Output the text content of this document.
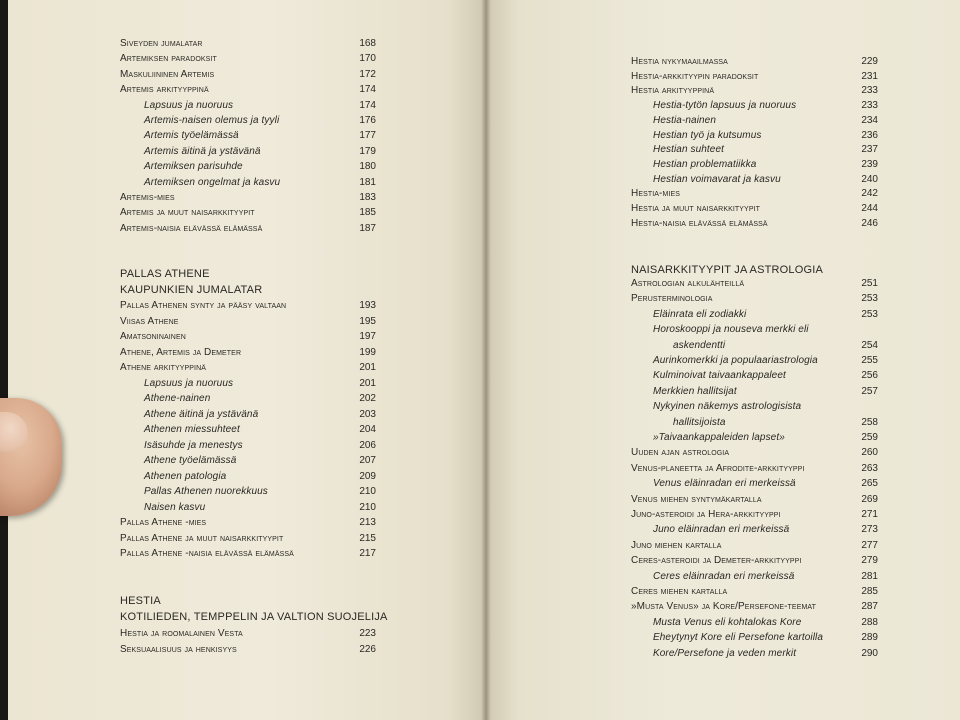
Siveyden jumalatar	168
Artemiksen paradoksit	170
Maskuliininen Artemis	172
Artemis arkityyppinä	174
Lapsuus ja nuoruus	174
Artemis-naisen olemus ja tyyli	176
Artemis työelämässä	177
Artemis äitinä ja ystävänä	179
Artemiksen parisuhde	180
Artemiksen ongelmat ja kasvu	181
Artemis-mies	183
Artemis ja muut naisarkkityypit	185
Artemis-naisia elävässä elämässä	187
Pallas Athenen synty ja pääsy valtaan	193
Viisas Athene	195
Amatsoninainen	197
Athene, Artemis ja Demeter	199
Athene arkityyppinä	201
Lapsuus ja nuoruus	201
Athene-nainen	202
Athene äitinä ja ystävänä	203
Athenen miessuhteet	204
Isäsuhde ja menestys	206
Athene työelämässä	207
Athenen patologia	209
Pallas Athenen nuorekkuus	210
Naisen kasvu	210
Pallas Athene -mies	213
Pallas Athene ja muut naisarkkityypit	215
Pallas Athene -naisia elävässä elämässä	217
Hestia ja roomalainen Vesta	223
Seksuaalisuus ja henkisyys	226
PALLAS ATHENE
KAUPUNKIEN JUMALATAR
HESTIA
KOTILIEDEN, TEMPPELIN JA VALTION SUOJELIJA
Hestia nykymaailmassa	229
Hestia-arkkityypin paradoksit	231
Hestia arkityyppinä	233
Hestia-tytön lapsuus ja nuoruus	233
Hestia-nainen	234
Hestian työ ja kutsumus	236
Hestian suhteet	237
Hestian problematiikka	239
Hestian voimavarat ja kasvu	240
Hestia-mies	242
Hestia ja muut naisarkkityypit	244
Hestia-naisia elävässä elämässä	246
Astrologian alkulähteillä	251
Perusterminologia	253
Eläinrata eli zodiakki	253
Horoskooppi ja nouseva merkki eli
askendentti	254
Aurinkomerkki ja populaariastrologia	255
Kulminoivat taivaankappaleet	256
Merkkien hallitsijat	257
Nykyinen näkemys astrologisista
hallitsijoista	258
»Taivaankappaleiden lapset»	259
Uuden ajan astrologia	260
Venus-planeetta ja Afrodite-arkkityyppi	263
Venus eläinradan eri merkeissä	265
Venus miehen syntymäkartalla	269
Juno-asteroidi ja Hera-arkkityyppi	271
Juno eläinradan eri merkeissä	273
Juno miehen kartalla	277
Ceres-asteroidi ja Demeter-arkkityyppi	279
Ceres eläinradan eri merkeissä	281
Ceres miehen kartalla	285
»Musta Venus» ja Kore/Persefone-teemat	287
Musta Venus eli kohtalokas Kore	288
Eheytynyt Kore eli Persefone kartoilla	289
Kore/Persefone ja veden merkit	290
NAISARKKITYYPIT JA ASTROLOGIA
